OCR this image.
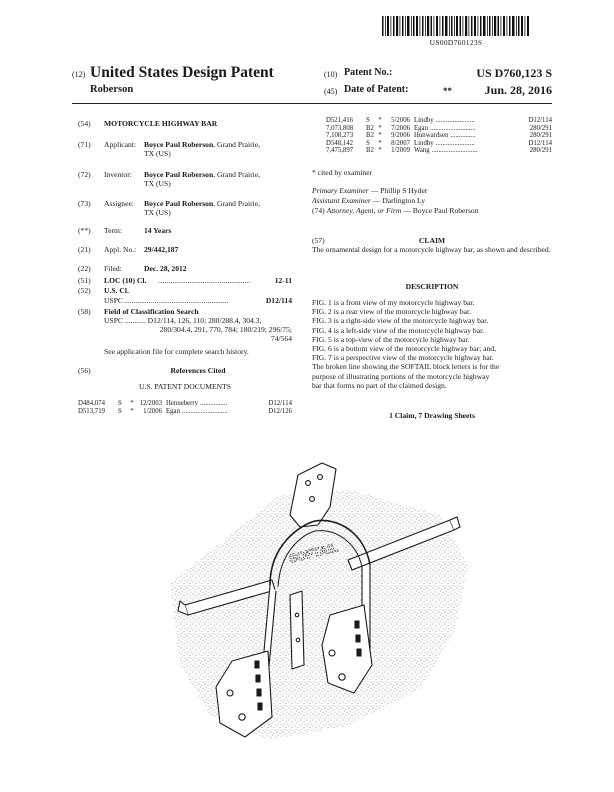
US00D760123S
(12) United States Design Patent
Roberson
(10) Patent No.:	US D760,123 S
(45) Date of Patent:	**	Jun. 28, 2016
(54) MOTORCYCLE HIGHWAY BAR
(71) Applicant: Boyce Paul Roberson, Grand Prairie,
TX (US)
(72) Inventor: Boyce Paul Roberson, Grand Prairie,
TX (US)
(73) Assignee: Boyce Paul Roberson, Grand Prairie,
TX (US)
(**) Term:	14 Years
(21) Appl. No.: 29/442,187
(22) Filed:	Dec. 28, 2012
(51) LOC (10) Cl. ................................................	12-11
(52) U.S. Cl.
USPC .......................................................	D12/114
(58) Field of Classification Search
USPC ........... D12/114, 126, 110; 280/288.4, 304.3,
280/304.4, 291, 770, 784; 180/219; 296/75;
74/564
See application file for complete search history.
(56)	References Cited
U.S. PATENT DOCUMENTS
D484,074	S	* 12/2003 Henneberry ................	D12/114
D513,719	S	*	1/2006 Egan ...........................	D12/126
D521,416	S	*	5/2006 Lindby .......................	D12/114
7,073,808	B2 *	7/2006 Egan ...........................	280/291
7,108,273	B2 *	9/2006 Hunwardsen ...............	280/291
D548,142	S	*	8/2007 Lindby .......................	D12/114
7,475,897	B2 *	1/2009 Wang ...........................	280/291
* cited by examiner
Primary Examiner — Phillip S Hyder
Assistant Examiner — Darlington Ly
(74) Attorney, Agent, or Firm — Boyce Paul Roberson
(57)	CLAIM
The ornamental design for a motorcycle highway bar, as shown and described.
DESCRIPTION
FIG. 1 is a front view of my motorcycle highway bar.
FIG. 2 is a rear view of the motorcycle highway bar.
FIG. 3 is a right-side view of the motorcycle highway bar.
FIG. 4 is a left-side view of the motorcycle highway bar.
FIG. 5 is a top-view of the motorcycle highway bar.
FIG. 6 is a bottom view of the motorcycle highway bar; and,
FIG. 7 is a perspective view of the motorcycle highway bar.
The broken line showing the SOFTAIL block letters is for the
purpose of illustrating portions of the motorcycle highway
bar that forms no part of the claimed design.
1 Claim, 7 Drawing Sheets
SOFTAIL
